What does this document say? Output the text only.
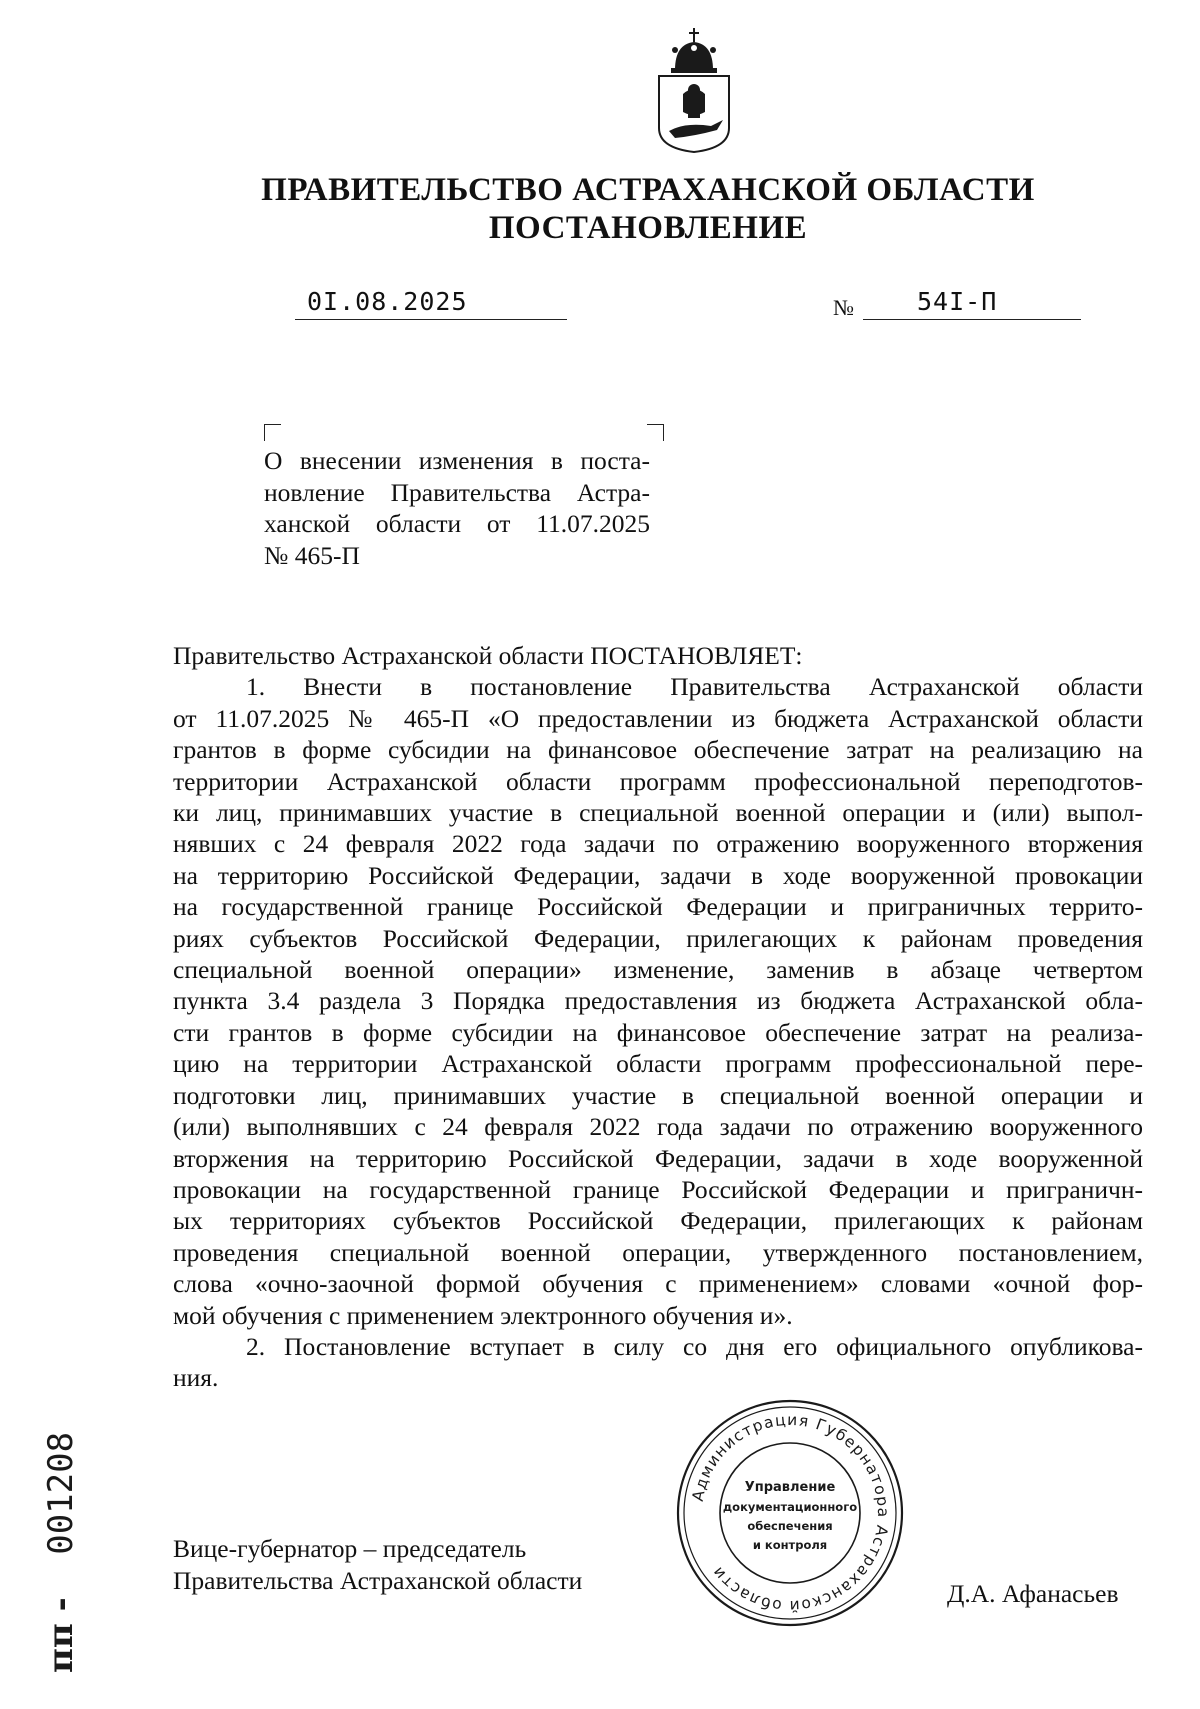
ПРАВИТЕЛЬСТВО АСТРАХАНСКОЙ ОБЛАСТИ
ПОСТАНОВЛЕНИЕ
0I.08.2025	№	54I-П
О внесении изменения в поста-
новление Правительства Астра-
ханской области от 11.07.2025
№ 465-П
Правительство Астраханской области ПОСТАНОВЛЯЕТ:
1. Внести в постановление Правительства Астраханской области
от 11.07.2025 № 465-П «О предоставлении из бюджета Астраханской области
грантов в форме субсидии на финансовое обеспечение затрат на реализацию на
территории Астраханской области программ профессиональной переподготов-
ки лиц, принимавших участие в специальной военной операции и (или) выпол-
нявших с 24 февраля 2022 года задачи по отражению вооруженного вторжения
на территорию Российской Федерации, задачи в ходе вооруженной провокации
на государственной границе Российской Федерации и приграничных террито-
риях субъектов Российской Федерации, прилегающих к районам проведения
специальной военной операции» изменение, заменив в абзаце четвертом
пункта 3.4 раздела 3 Порядка предоставления из бюджета Астраханской обла-
сти грантов в форме субсидии на финансовое обеспечение затрат на реализа-
цию на территории Астраханской области программ профессиональной пере-
подготовки лиц, принимавших участие в специальной военной операции и
(или) выполнявших с 24 февраля 2022 года задачи по отражению вооруженного
вторжения на территорию Российской Федерации, задачи в ходе вооруженной
провокации на государственной границе Российской Федерации и приграничн-
ых территориях субъектов Российской Федерации, прилегающих к районам
проведения специальной военной операции, утвержденного постановлением,
слова «очно-заочной формой обучения с применением» словами «очной фор-
мой обучения с применением электронного обучения и».
2. Постановление вступает в силу со дня его официального опубликова-
ния.
Вице-губернатор – председатель
Правительства Астраханской области	Д.А. Афанасьев
Администрация Губернатора Астраханской области
Управление
документационного
обеспечения
и контроля
пп - 001208
